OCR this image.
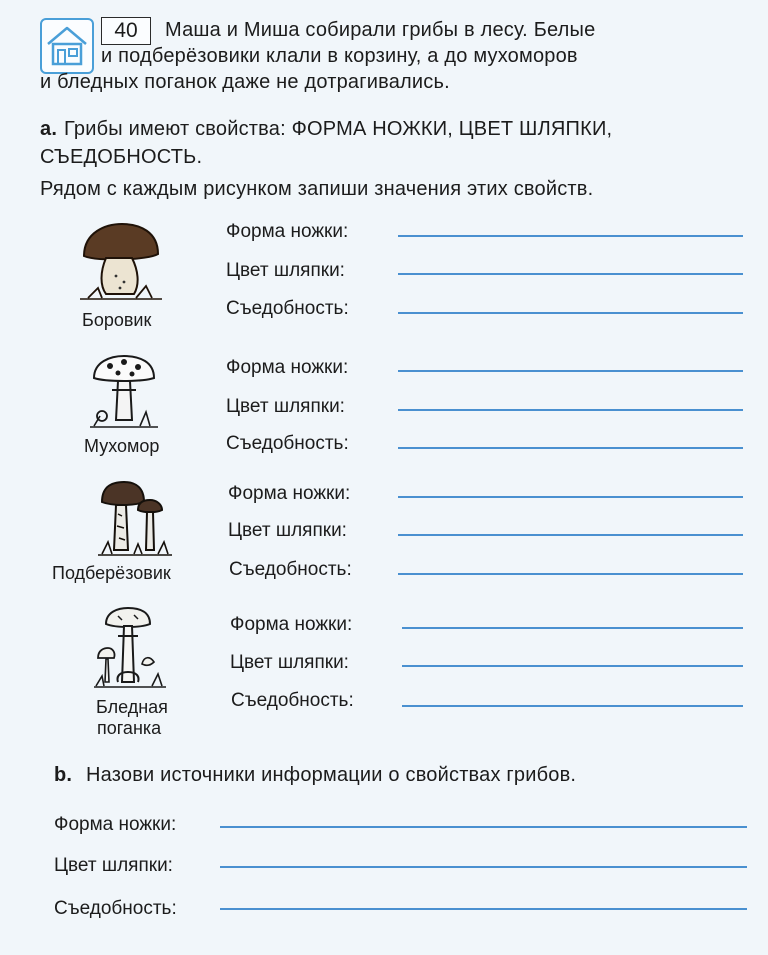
40	Маша и Миша собирали грибы в лесу. Белые
и подберёзовики клали в корзину, а до мухоморов
и бледных поганок даже не дотрагивались.
a. Грибы имеют свойства: ФОРМА НОЖКИ, ЦВЕТ ШЛЯПКИ,
СЪЕДОБНОСТЬ.
Рядом с каждым рисунком запиши значения этих свойств.
Боровик
Форма ножки:
Цвет шляпки:
Съедобность:
Мухомор
Форма ножки:
Цвет шляпки:
Съедобность:
Подберёзовик
Форма ножки:
Цвет шляпки:
Съедобность:
Бледная
поганка
Форма ножки:
Цвет шляпки:
Съедобность:
b. Назови источники информации о свойствах грибов.
Форма ножки:
Цвет шляпки:
Съедобность:
